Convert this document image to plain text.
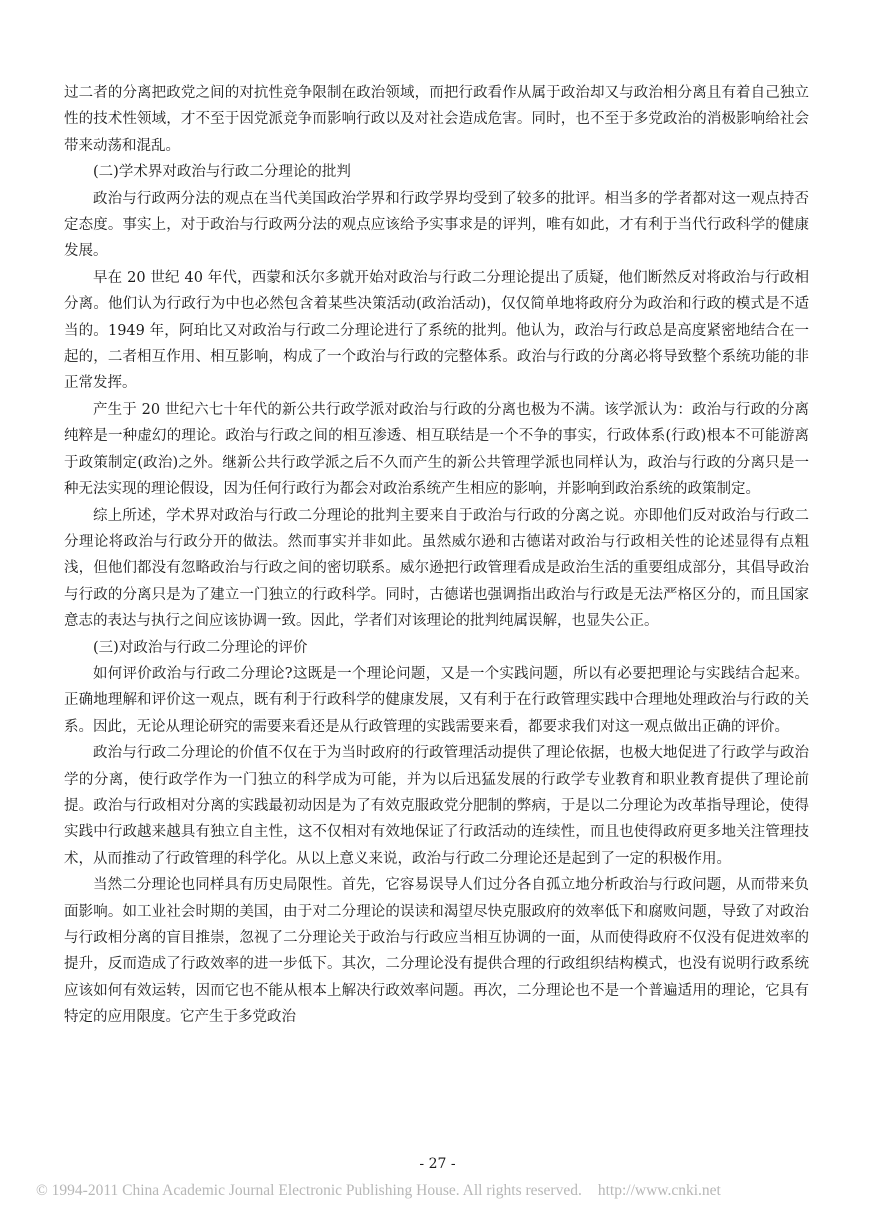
过二者的分离把政党之间的对抗性竞争限制在政治领域，而把行政看作从属于政治却又与政治相分离且有着自己独立性的技术性领域，才不至于因党派竞争而影响行政以及对社会造成危害。同时，也不至于多党政治的消极影响给社会带来动荡和混乱。

(二)学术界对政治与行政二分理论的批判

政治与行政两分法的观点在当代美国政治学界和行政学界均受到了较多的批评。相当多的学者都对这一观点持否定态度。事实上，对于政治与行政两分法的观点应该给予实事求是的评判，唯有如此，才有利于当代行政科学的健康发展。

早在 20 世纪 40 年代，西蒙和沃尔多就开始对政治与行政二分理论提出了质疑，他们断然反对将政治与行政相分离。他们认为行政行为中也必然包含着某些决策活动(政治活动)，仅仅简单地将政府分为政治和行政的模式是不适当的。1949 年，阿珀比又对政治与行政二分理论进行了系统的批判。他认为，政治与行政总是高度紧密地结合在一起的，二者相互作用、相互影响，构成了一个政治与行政的完整体系。政治与行政的分离必将导致整个系统功能的非正常发挥。

产生于 20 世纪六七十年代的新公共行政学派对政治与行政的分离也极为不满。该学派认为：政治与行政的分离纯粹是一种虚幻的理论。政治与行政之间的相互渗透、相互联结是一个不争的事实，行政体系(行政)根本不可能游离于政策制定(政治)之外。继新公共行政学派之后不久而产生的新公共管理学派也同样认为，政治与行政的分离只是一种无法实现的理论假设，因为任何行政行为都会对政治系统产生相应的影响，并影响到政治系统的政策制定。

综上所述，学术界对政治与行政二分理论的批判主要来自于政治与行政的分离之说。亦即他们反对政治与行政二分理论将政治与行政分开的做法。然而事实并非如此。虽然威尔逊和古德诺对政治与行政相关性的论述显得有点粗浅，但他们都没有忽略政治与行政之间的密切联系。威尔逊把行政管理看成是政治生活的重要组成部分，其倡导政治与行政的分离只是为了建立一门独立的行政科学。同时，古德诺也强调指出政治与行政是无法严格区分的，而且国家意志的表达与执行之间应该协调一致。因此，学者们对该理论的批判纯属误解，也显失公正。

(三)对政治与行政二分理论的评价

如何评价政治与行政二分理论?这既是一个理论问题，又是一个实践问题，所以有必要把理论与实践结合起来。正确地理解和评价这一观点，既有利于行政科学的健康发展，又有利于在行政管理实践中合理地处理政治与行政的关系。因此，无论从理论研究的需要来看还是从行政管理的实践需要来看，都要求我们对这一观点做出正确的评价。

政治与行政二分理论的价值不仅在于为当时政府的行政管理活动提供了理论依据，也极大地促进了行政学与政治学的分离，使行政学作为一门独立的科学成为可能，并为以后迅猛发展的行政学专业教育和职业教育提供了理论前提。政治与行政相对分离的实践最初动因是为了有效克服政党分肥制的弊病，于是以二分理论为改革指导理论，使得实践中行政越来越具有独立自主性，这不仅相对有效地保证了行政活动的连续性，而且也使得政府更多地关注管理技术，从而推动了行政管理的科学化。从以上意义来说，政治与行政二分理论还是起到了一定的积极作用。

当然二分理论也同样具有历史局限性。首先，它容易误导人们过分各自孤立地分析政治与行政问题，从而带来负面影响。如工业社会时期的美国，由于对二分理论的误读和渴望尽快克服政府的效率低下和腐败问题，导致了对政治与行政相分离的盲目推崇，忽视了二分理论关于政治与行政应当相互协调的一面，从而使得政府不仅没有促进效率的提升，反而造成了行政效率的进一步低下。其次，二分理论没有提供合理的行政组织结构模式，也没有说明行政系统应该如何有效运转，因而它也不能从根本上解决行政效率问题。再次，二分理论也不是一个普遍适用的理论，它具有特定的应用限度。它产生于多党政治

- 27 -
© 1994-2011 China Academic Journal Electronic Publishing House. All rights reserved. http://www.cnki.net
